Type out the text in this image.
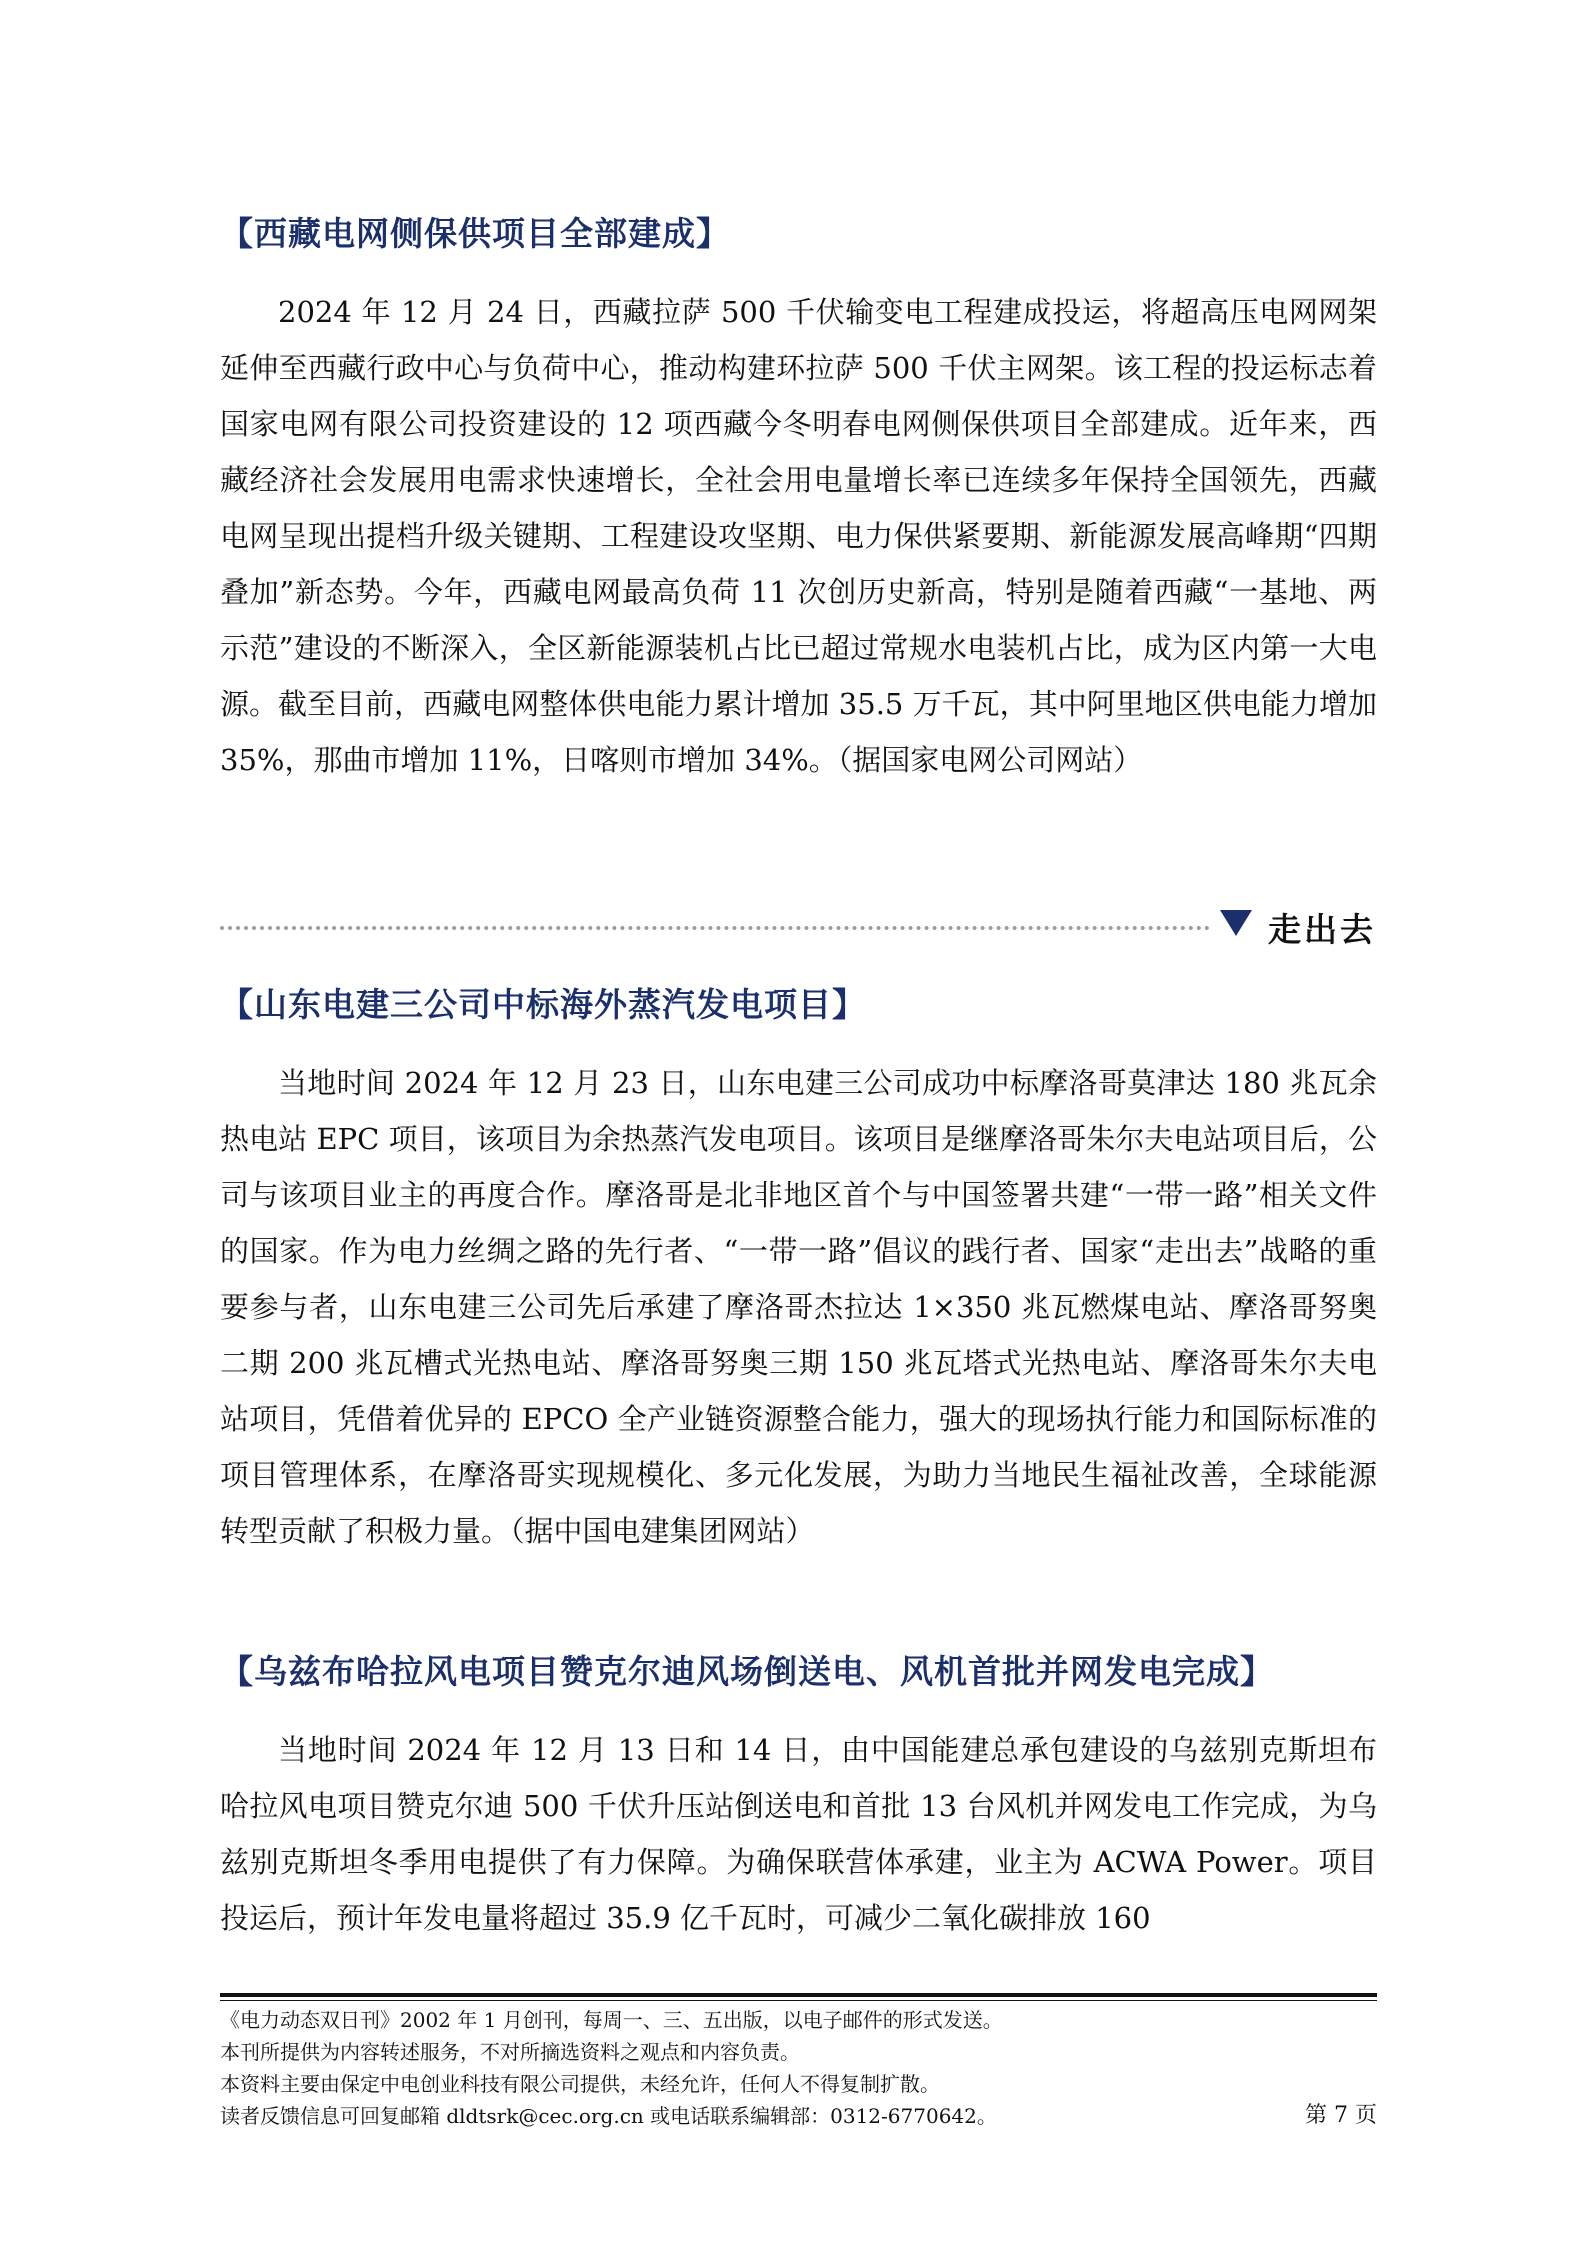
【西藏电网侧保供项目全部建成】

2024 年 12 月 24 日，西藏拉萨 500 千伏输变电工程建成投运，将超高压电网网架延伸至西藏行政中心与负荷中心，推动构建环拉萨 500 千伏主网架。该工程的投运标志着国家电网有限公司投资建设的 12 项西藏今冬明春电网侧保供项目全部建成。近年来，西藏经济社会发展用电需求快速增长，全社会用电量增长率已连续多年保持全国领先，西藏电网呈现出提档升级关键期、工程建设攻坚期、电力保供紧要期、新能源发展高峰期“四期叠加”新态势。今年，西藏电网最高负荷 11 次创历史新高，特别是随着西藏“一基地、两示范”建设的不断深入，全区新能源装机占比已超过常规水电装机占比，成为区内第一大电源。截至目前，西藏电网整体供电能力累计增加 35.5 万千瓦，其中阿里地区供电能力增加 35%，那曲市增加 11%，日喀则市增加 34%。（据国家电网公司网站）

走出去
【山东电建三公司中标海外蒸汽发电项目】

当地时间 2024 年 12 月 23 日，山东电建三公司成功中标摩洛哥莫津达 180 兆瓦余热电站 EPC 项目，该项目为余热蒸汽发电项目。该项目是继摩洛哥朱尔夫电站项目后，公司与该项目业主的再度合作。摩洛哥是北非地区首个与中国签署共建“一带一路”相关文件的国家。作为电力丝绸之路的先行者、“一带一路”倡议的践行者、国家“走出去”战略的重要参与者，山东电建三公司先后承建了摩洛哥杰拉达 1×350 兆瓦燃煤电站、摩洛哥努奥二期 200 兆瓦槽式光热电站、摩洛哥努奥三期 150 兆瓦塔式光热电站、摩洛哥朱尔夫电站项目，凭借着优异的 EPCO 全产业链资源整合能力，强大的现场执行能力和国际标准的项目管理体系，在摩洛哥实现规模化、多元化发展，为助力当地民生福祉改善，全球能源转型贡献了积极力量。（据中国电建集团网站）

【乌兹布哈拉风电项目赞克尔迪风场倒送电、风机首批并网发电完成】

当地时间 2024 年 12 月 13 日和 14 日，由中国能建总承包建设的乌兹别克斯坦布哈拉风电项目赞克尔迪 500 千伏升压站倒送电和首批 13 台风机并网发电工作完成，为乌兹别克斯坦冬季用电提供了有力保障。为确保联营体承建，业主为 ACWA Power。项目投运后，预计年发电量将超过 35.9 亿千瓦时，可减少二氧化碳排放 160

《电力动态双日刊》2002 年 1 月创刊，每周一、三、五出版，以电子邮件的形式发送。
本刊所提供为内容转述服务，不对所摘选资料之观点和内容负责。
本资料主要由保定中电创业科技有限公司提供，未经允许，任何人不得复制扩散。
读者反馈信息可回复邮箱 dldtsrk@cec.org.cn 或电话联系编辑部：0312-6770642。	第 7 页
